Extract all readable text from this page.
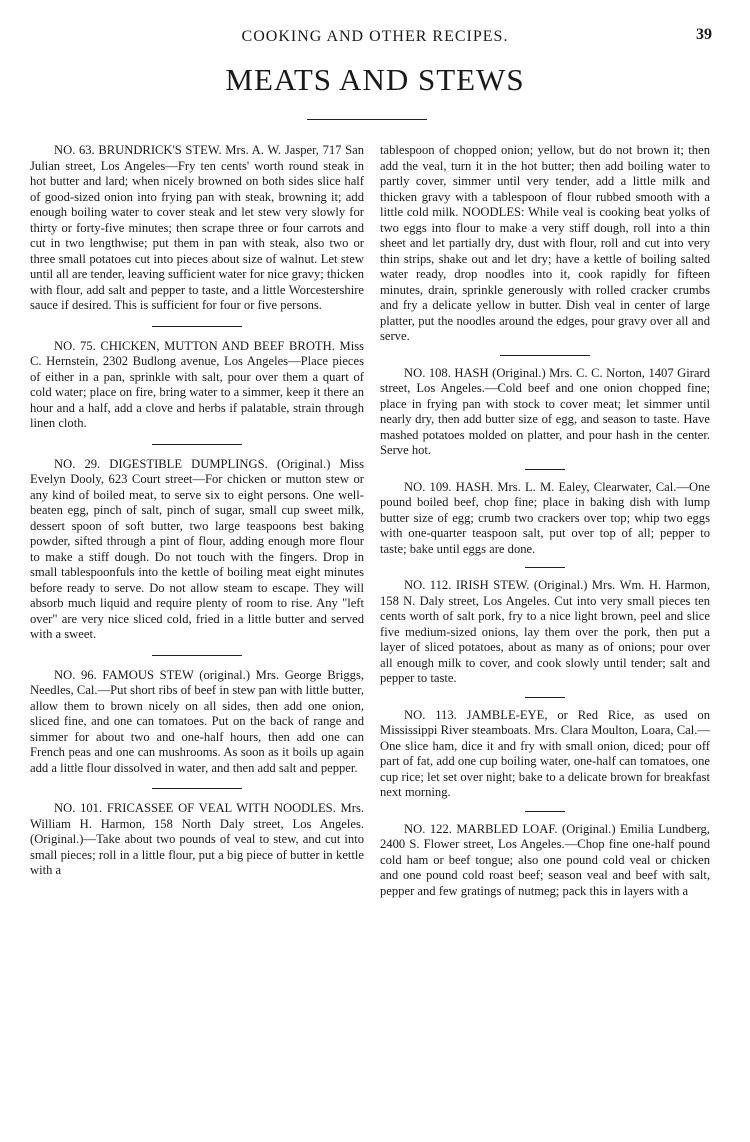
COOKING AND OTHER RECIPES.	39
MEATS AND STEWS

NO. 63. BRUNDRICK'S STEW. Mrs. A. W. Jasper, 717 San Julian street, Los Angeles—Fry ten cents' worth round steak in hot butter and lard; when nicely browned on both sides slice half of good-sized onion into frying pan with steak, browning it; add enough boiling water to cover steak and let stew very slowly for thirty or forty-five minutes; then scrape three or four carrots and cut in two lengthwise; put them in pan with steak, also two or three small potatoes cut into pieces about size of walnut. Let stew until all are tender, leaving sufficient water for nice gravy; thicken with flour, add salt and pepper to taste, and a little Worcestershire sauce if desired. This is sufficient for four or five persons.

NO. 75. CHICKEN, MUTTON AND BEEF BROTH. Miss C. Hernstein, 2302 Budlong avenue, Los Angeles—Place pieces of either in a pan, sprinkle with salt, pour over them a quart of cold water; place on fire, bring water to a simmer, keep it there an hour and a half, add a clove and herbs if palatable, strain through linen cloth.

NO. 29. DIGESTIBLE DUMPLINGS. (Original.) Miss Evelyn Dooly, 623 Court street—For chicken or mutton stew or any kind of boiled meat, to serve six to eight persons. One well-beaten egg, pinch of salt, pinch of sugar, small cup sweet milk, dessert spoon of soft butter, two large teaspoons best baking powder, sifted through a pint of flour, adding enough more flour to make a stiff dough. Do not touch with the fingers. Drop in small tablespoonfuls into the kettle of boiling meat eight minutes before ready to serve. Do not allow steam to escape. They will absorb much liquid and require plenty of room to rise. Any "left over" are very nice sliced cold, fried in a little butter and served with a sweet.

NO. 96. FAMOUS STEW (original.) Mrs. George Briggs, Needles, Cal.—Put short ribs of beef in stew pan with little butter, allow them to brown nicely on all sides, then add one onion, sliced fine, and one can tomatoes. Put on the back of range and simmer for about two and one-half hours, then add one can French peas and one can mushrooms. As soon as it boils up again add a little flour dissolved in water, and then add salt and pepper.

NO. 101. FRICASSEE OF VEAL WITH NOODLES. Mrs. William H. Harmon, 158 North Daly street, Los Angeles. (Original.)—Take about two pounds of veal to stew, and cut into small pieces; roll in a little flour, put a big piece of butter in kettle with a

tablespoon of chopped onion; yellow, but do not brown it; then add the veal, turn it in the hot butter; then add boiling water to partly cover, simmer until very tender, add a little milk and thicken gravy with a tablespoon of flour rubbed smooth with a little cold milk. NOODLES: While veal is cooking beat yolks of two eggs into flour to make a very stiff dough, roll into a thin sheet and let partially dry, dust with flour, roll and cut into very thin strips, shake out and let dry; have a kettle of boiling salted water ready, drop noodles into it, cook rapidly for fifteen minutes, drain, sprinkle generously with rolled cracker crumbs and fry a delicate yellow in butter. Dish veal in center of large platter, put the noodles around the edges, pour gravy over all and serve.

NO. 108. HASH (Original.) Mrs. C. C. Norton, 1407 Girard street, Los Angeles.—Cold beef and one onion chopped fine; place in frying pan with stock to cover meat; let simmer until nearly dry, then add butter size of egg, and season to taste. Have mashed potatoes molded on platter, and pour hash in the center. Serve hot.

NO. 109. HASH. Mrs. L. M. Ealey, Clearwater, Cal.—One pound boiled beef, chop fine; place in baking dish with lump butter size of egg; crumb two crackers over top; whip two eggs with one-quarter teaspoon salt, put over top of all; pepper to taste; bake until eggs are done.

NO. 112. IRISH STEW. (Original.) Mrs. Wm. H. Harmon, 158 N. Daly street, Los Angeles. Cut into very small pieces ten cents worth of salt pork, fry to a nice light brown, peel and slice five medium-sized onions, lay them over the pork, then put a layer of sliced potatoes, about as many as of onions; pour over all enough milk to cover, and cook slowly until tender; salt and pepper to taste.

NO. 113. JAMBLE-EYE, or Red Rice, as used on Mississippi River steamboats. Mrs. Clara Moulton, Loara, Cal.—One slice ham, dice it and fry with small onion, diced; pour off part of fat, add one cup boiling water, one-half can tomatoes, one cup rice; let set over night; bake to a delicate brown for breakfast next morning.

NO. 122. MARBLED LOAF. (Original.) Emilia Lundberg, 2400 S. Flower street, Los Angeles.—Chop fine one-half pound cold ham or beef tongue; also one pound cold veal or chicken and one pound cold roast beef; season veal and beef with salt, pepper and few gratings of nutmeg; pack this in layers with a
